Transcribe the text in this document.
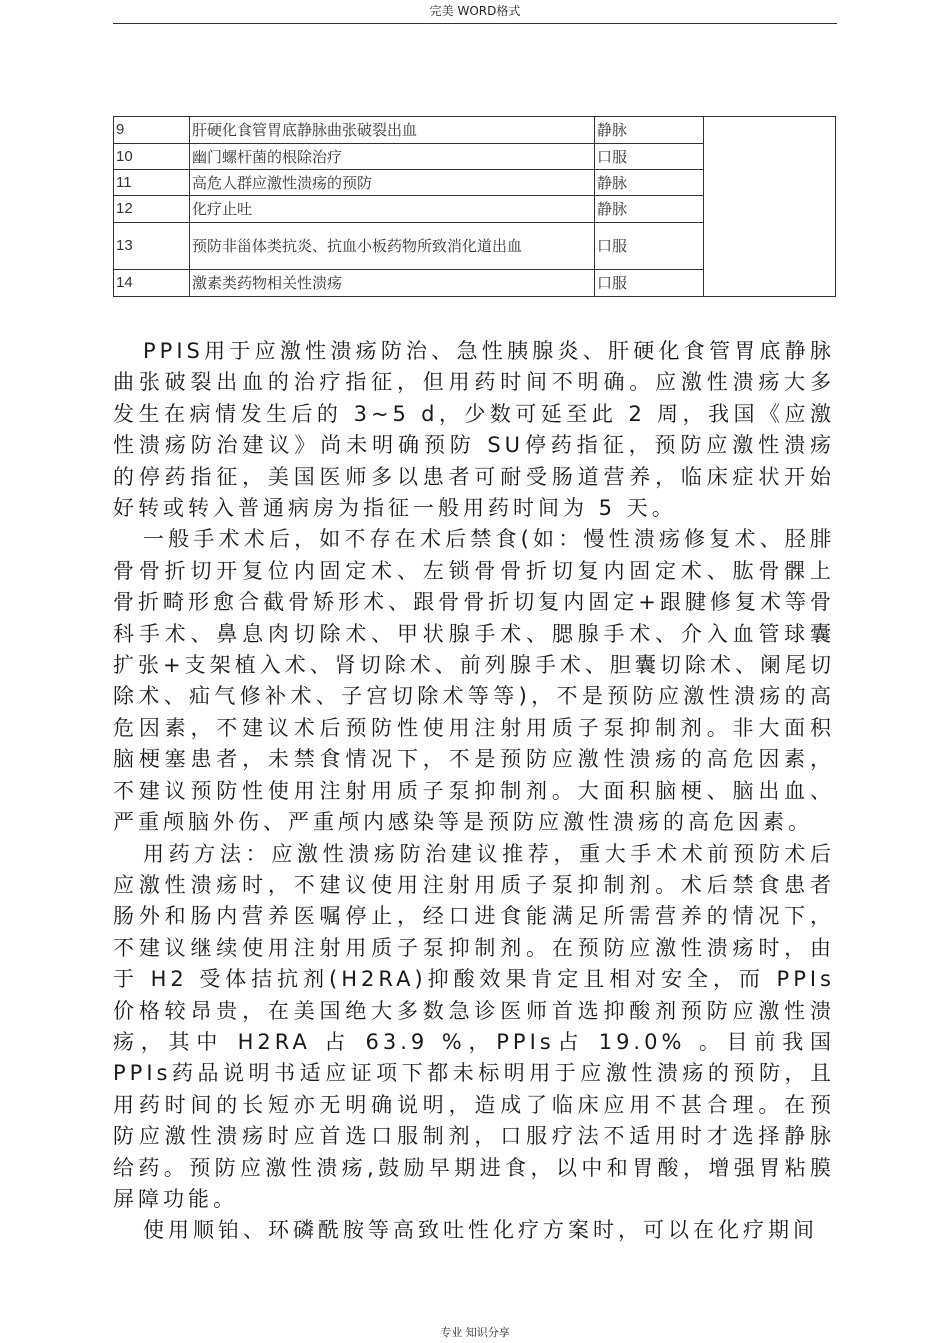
完美 WORD格式
9	肝硬化食管胃底静脉曲张破裂出血	静脉	
10	幽门螺杆菌的根除治疗	口服	
11	高危人群应激性溃疡的预防	静脉	
12	化疗止吐	静脉	
13	预防非甾体类抗炎、抗血小板药物所致消化道出血	口服	
14	激素类药物相关性溃疡	口服	

PPIS用于应激性溃疡防治、急性胰腺炎、肝硬化食管胃底静脉曲张破裂出血的治疗指征，但用药时间不明确。应激性溃疡大多发生在病情发生后的 3~5 d，少数可延至此 2 周，我国《应激性溃疡防治建议》尚未明确预防 SU停药指征，预防应激性溃疡的停药指征，美国医师多以患者可耐受肠道营养，临床症状开始好转或转入普通病房为指征一般用药时间为 5 天。

一般手术术后，如不存在术后禁食(如：慢性溃疡修复术、胫腓骨骨折切开复位内固定术、左锁骨骨折切复内固定术、肱骨髁上骨折畸形愈合截骨矫形术、跟骨骨折切复内固定+跟腱修复术等骨科手术、鼻息肉切除术、甲状腺手术、腮腺手术、介入血管球囊扩张+支架植入术、肾切除术、前列腺手术、胆囊切除术、阑尾切除术、疝气修补术、子宫切除术等等)，不是预防应激性溃疡的高危因素，不建议术后预防性使用注射用质子泵抑制剂。非大面积脑梗塞患者，未禁食情况下，不是预防应激性溃疡的高危因素，不建议预防性使用注射用质子泵抑制剂。大面积脑梗、脑出血、严重颅脑外伤、严重颅内感染等是预防应激性溃疡的高危因素。

用药方法：应激性溃疡防治建议推荐，重大手术术前预防术后应激性溃疡时，不建议使用注射用质子泵抑制剂。术后禁食患者肠外和肠内营养医嘱停止，经口进食能满足所需营养的情况下，不建议继续使用注射用质子泵抑制剂。在预防应激性溃疡时，由于 H2 受体拮抗剂(H2RA)抑酸效果肯定且相对安全，而 PPIs价格较昂贵，在美国绝大多数急诊医师首选抑酸剂预防应激性溃疡，其中 H2RA 占 63.9 %，PPIs占 19.0% 。目前我国 PPIs药品说明书适应证项下都未标明用于应激性溃疡的预防，且用药时间的长短亦无明确说明，造成了临床应用不甚合理。在预防应激性溃疡时应首选口服制剂，口服疗法不适用时才选择静脉给药。预防应激性溃疡,鼓励早期进食，以中和胃酸，增强胃粘膜屏障功能。

使用顺铂、环磷酰胺等高致吐性化疗方案时，可以在化疗期间

专业 知识分享
